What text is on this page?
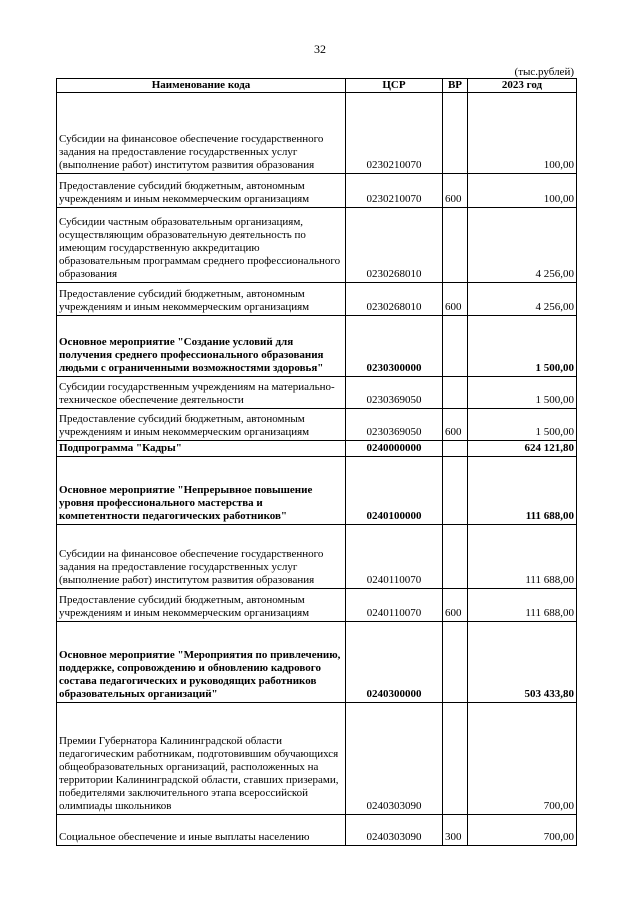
32
(тыс.рублей)
Наименование кода	ЦСР	ВР	2023 год
Субсидии на финансовое обеспечение государственного задания на предоставление государственных услуг (выполнение работ) институтом развития образования	0230210070		100,00
Предоставление субсидий бюджетным, автономным учреждениям и иным некоммерческим организациям	0230210070	600	100,00
Субсидии частным образовательным организациям, осуществляющим образовательную деятельность по имеющим государственную аккредитацию образовательным программам среднего профессионального образования	0230268010		4 256,00
Предоставление субсидий бюджетным, автономным учреждениям и иным некоммерческим организациям	0230268010	600	4 256,00
Основное мероприятие "Создание условий для получения среднего профессионального образования людьми с ограниченными возможностями здоровья"	0230300000		1 500,00
Субсидии государственным учреждениям на материально-техническое обеспечение деятельности	0230369050		1 500,00
Предоставление субсидий бюджетным, автономным учреждениям и иным некоммерческим организациям	0230369050	600	1 500,00
Подпрограмма "Кадры"	0240000000		624 121,80
Основное мероприятие "Непрерывное повышение уровня профессионального мастерства и компетентности педагогических работников"	0240100000		111 688,00
Субсидии на финансовое обеспечение государственного задания на предоставление государственных услуг (выполнение работ) институтом развития образования	0240110070		111 688,00
Предоставление субсидий бюджетным, автономным учреждениям и иным некоммерческим организациям	0240110070	600	111 688,00
Основное мероприятие "Мероприятия по привлечению, поддержке, сопровождению и обновлению кадрового состава педагогических и руководящих работников образовательных организаций"	0240300000		503 433,80
Премии Губернатора Калининградской области педагогическим работникам, подготовившим обучающихся общеобразовательных организаций, расположенных на территории Калининградской области, ставших призерами, победителями заключительного этапа всероссийской олимпиады школьников	0240303090		700,00
Социальное обеспечение и иные выплаты населению	0240303090	300	700,00
